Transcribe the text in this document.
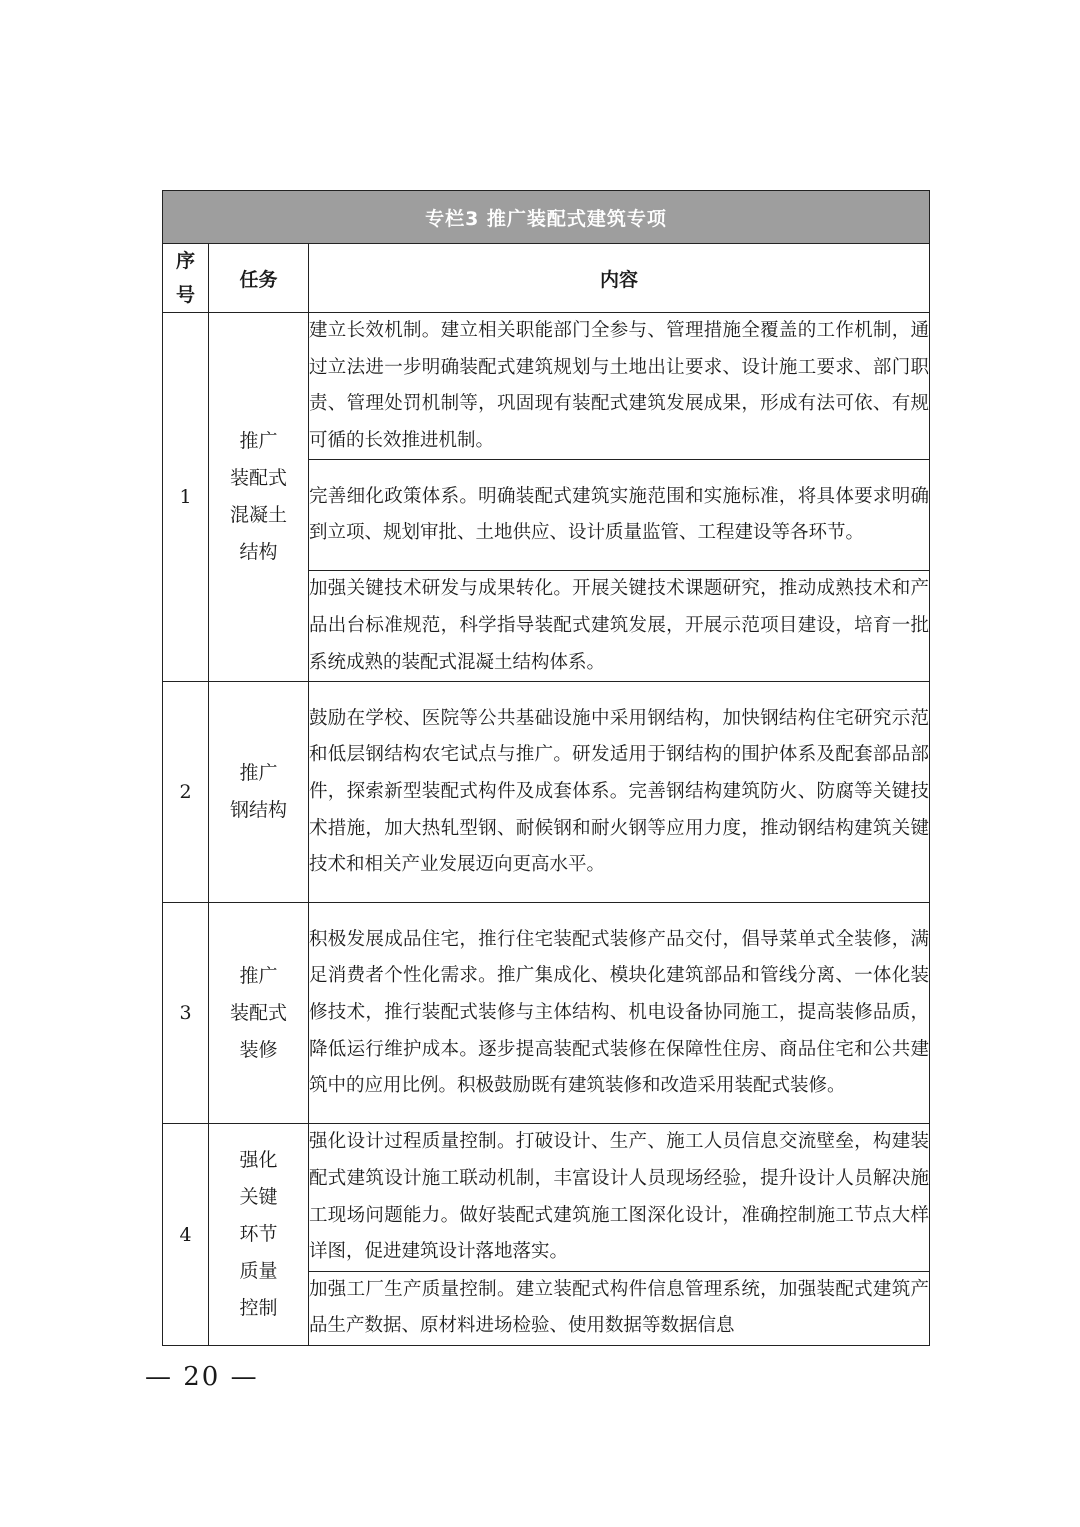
专栏3 推广装配式建筑专项		

序
号	任务	内容
1	推广
装配式
混凝土
结构	建立长效机制。建立相关职能部门全参与、管理措施全覆盖的工作机制，通过立法进一步明确装配式建筑规划与土地出让要求、设计施工要求、部门职责、管理处罚机制等，巩固现有装配式建筑发展成果，形成有法可依、有规可循的长效推进机制。
		完善细化政策体系。明确装配式建筑实施范围和实施标准，将具体要求明确到立项、规划审批、土地供应、设计质量监管、工程建设等各环节。
		加强关键技术研发与成果转化。开展关键技术课题研究，推动成熟技术和产品出台标准规范，科学指导装配式建筑发展，开展示范项目建设，培育一批系统成熟的装配式混凝土结构体系。
2	推广
钢结构	鼓励在学校、医院等公共基础设施中采用钢结构，加快钢结构住宅研究示范和低层钢结构农宅试点与推广。研发适用于钢结构的围护体系及配套部品部件，探索新型装配式构件及成套体系。完善钢结构建筑防火、防腐等关键技术措施，加大热轧型钢、耐候钢和耐火钢等应用力度，推动钢结构建筑关键技术和相关产业发展迈向更高水平。
3	推广
装配式
装修	积极发展成品住宅，推行住宅装配式装修产品交付，倡导菜单式全装修，满足消费者个性化需求。推广集成化、模块化建筑部品和管线分离、一体化装修技术，推行装配式装修与主体结构、机电设备协同施工，提高装修品质，降低运行维护成本。逐步提高装配式装修在保障性住房、商品住宅和公共建筑中的应用比例。积极鼓励既有建筑装修和改造采用装配式装修。
4	强化
关键
环节
质量
控制	强化设计过程质量控制。打破设计、生产、施工人员信息交流壁垒，构建装配式建筑设计施工联动机制，丰富设计人员现场经验，提升设计人员解决施工现场问题能力。做好装配式建筑施工图深化设计，准确控制施工节点大样详图，促进建筑设计落地落实。
		加强工厂生产质量控制。建立装配式构件信息管理系统，加强装配式建筑产品生产数据、原材料进场检验、使用数据等数据信息
— 20 —
